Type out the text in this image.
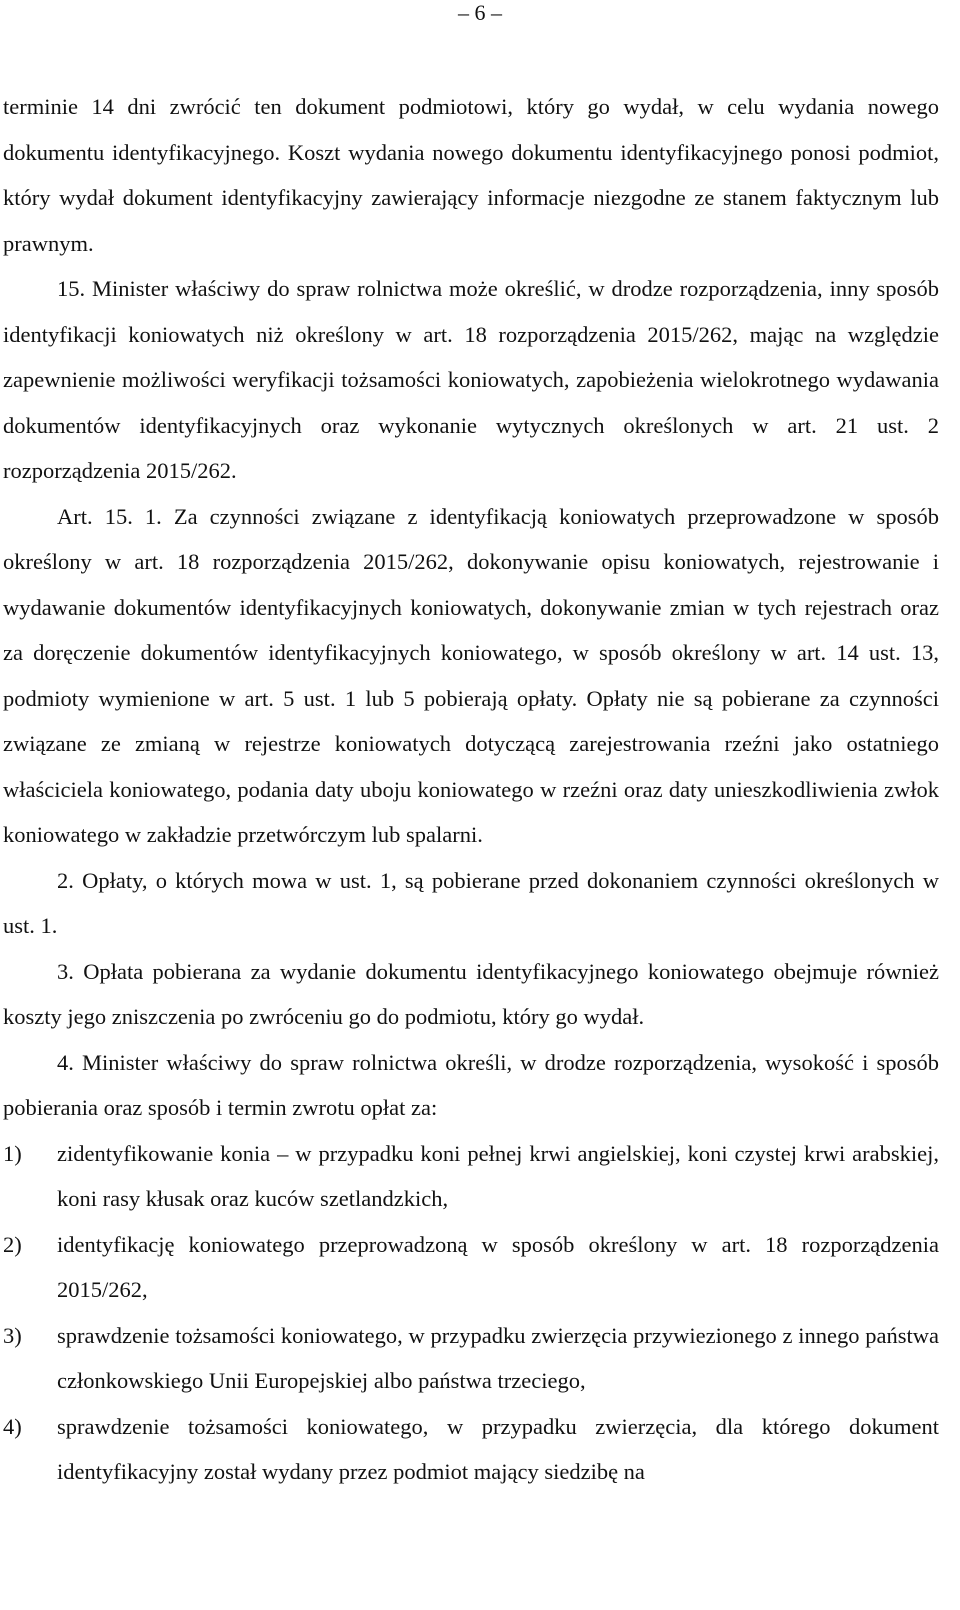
– 6 –

terminie 14 dni zwrócić ten dokument podmiotowi, który go wydał, w celu wydania nowego dokumentu identyfikacyjnego. Koszt wydania nowego dokumentu identyfikacyjnego ponosi podmiot, który wydał dokument identyfikacyjny zawierający informacje niezgodne ze stanem faktycznym lub prawnym.

15. Minister właściwy do spraw rolnictwa może określić, w drodze rozporządzenia, inny sposób identyfikacji koniowatych niż określony w art. 18 rozporządzenia 2015/262, mając na względzie zapewnienie możliwości weryfikacji tożsamości koniowatych, zapobieżenia wielokrotnego wydawania dokumentów identyfikacyjnych oraz wykonanie wytycznych określonych w art. 21 ust. 2 rozporządzenia 2015/262.

Art. 15. 1. Za czynności związane z identyfikacją koniowatych przeprowadzone w sposób określony w art. 18 rozporządzenia 2015/262, dokonywanie opisu koniowatych, rejestrowanie i wydawanie dokumentów identyfikacyjnych koniowatych, dokonywanie zmian w tych rejestrach oraz za doręczenie dokumentów identyfikacyjnych koniowatego, w sposób określony w art. 14 ust. 13, podmioty wymienione w art. 5 ust. 1 lub 5 pobierają opłaty. Opłaty nie są pobierane za czynności związane ze zmianą w rejestrze koniowatych dotyczącą zarejestrowania rzeźni jako ostatniego właściciela koniowatego, podania daty uboju koniowatego w rzeźni oraz daty unieszkodliwienia zwłok koniowatego w zakładzie przetwórczym lub spalarni.

2. Opłaty, o których mowa w ust. 1, są pobierane przed dokonaniem czynności określonych w ust. 1.

3. Opłata pobierana za wydanie dokumentu identyfikacyjnego koniowatego obejmuje również koszty jego zniszczenia po zwróceniu go do podmiotu, który go wydał.

4. Minister właściwy do spraw rolnictwa określi, w drodze rozporządzenia, wysokość i sposób pobierania oraz sposób i termin zwrotu opłat za:

1)	zidentyfikowanie konia – w przypadku koni pełnej krwi angielskiej, koni czystej krwi arabskiej, koni rasy kłusak oraz kuców szetlandzkich,
2)	identyfikację koniowatego przeprowadzoną w sposób określony w art. 18 rozporządzenia 2015/262,
3)	sprawdzenie tożsamości koniowatego, w przypadku zwierzęcia przywiezionego z innego państwa członkowskiego Unii Europejskiej albo państwa trzeciego,
4)	sprawdzenie tożsamości koniowatego, w przypadku zwierzęcia, dla którego dokument identyfikacyjny został wydany przez podmiot mający siedzibę na
